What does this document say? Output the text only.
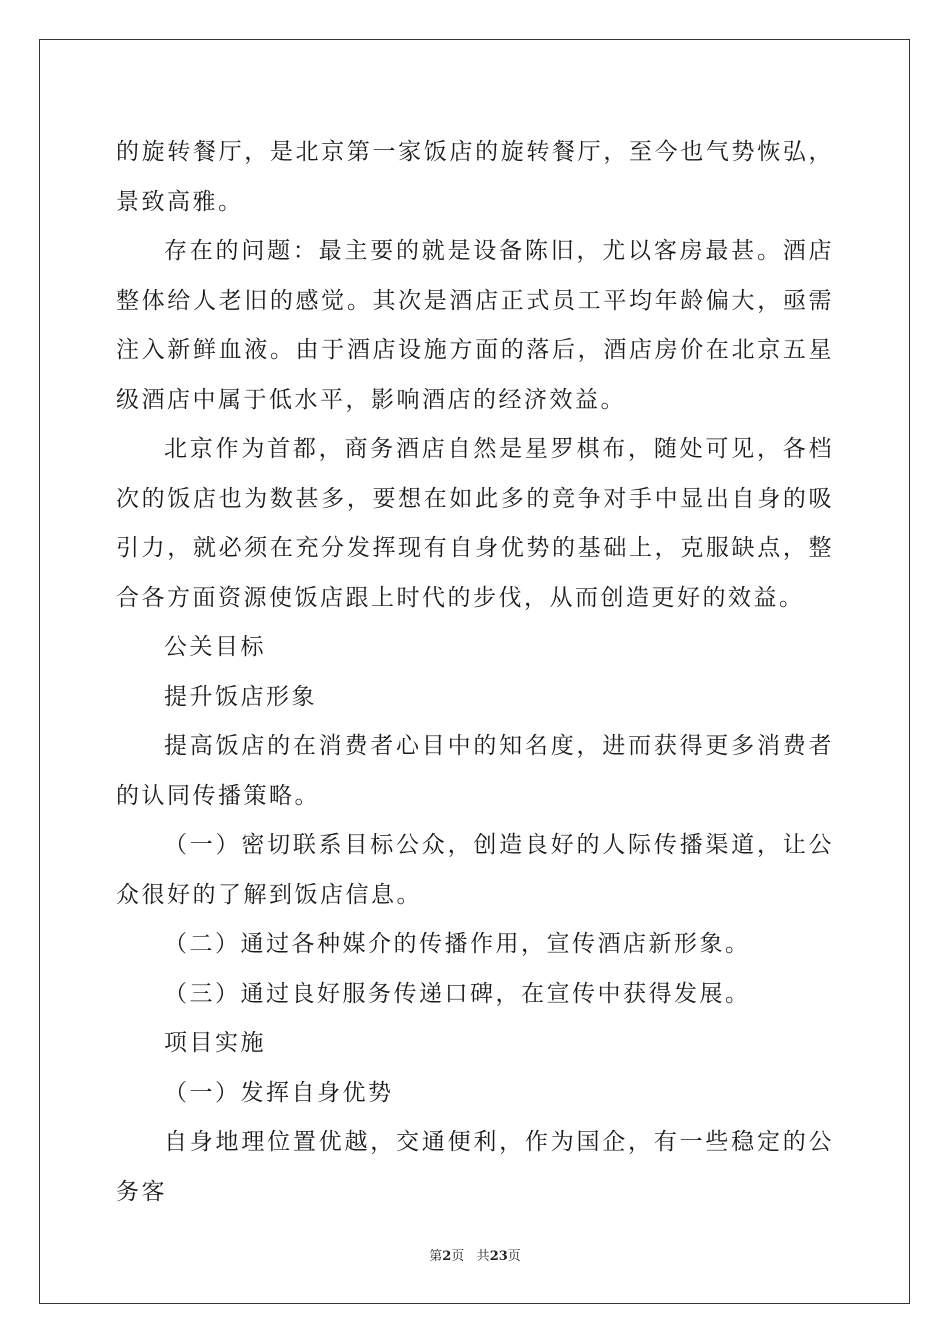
的旋转餐厅，是北京第一家饭店的旋转餐厅，至今也气势恢弘，景致高雅。

存在的问题：最主要的就是设备陈旧，尤以客房最甚。酒店整体给人老旧的感觉。其次是酒店正式员工平均年龄偏大，亟需注入新鲜血液。由于酒店设施方面的落后，酒店房价在北京五星级酒店中属于低水平，影响酒店的经济效益。

北京作为首都，商务酒店自然是星罗棋布，随处可见，各档次的饭店也为数甚多，要想在如此多的竞争对手中显出自身的吸引力，就必须在充分发挥现有自身优势的基础上，克服缺点，整合各方面资源使饭店跟上时代的步伐，从而创造更好的效益。

公关目标

提升饭店形象

提高饭店的在消费者心目中的知名度，进而获得更多消费者的认同传播策略。

（一）密切联系目标公众，创造良好的人际传播渠道，让公众很好的了解到饭店信息。

（二）通过各种媒介的传播作用，宣传酒店新形象。

（三）通过良好服务传递口碑，在宣传中获得发展。

项目实施

（一）发挥自身优势

自身地理位置优越，交通便利，作为国企，有一些稳定的公务客

第2页 共23页
